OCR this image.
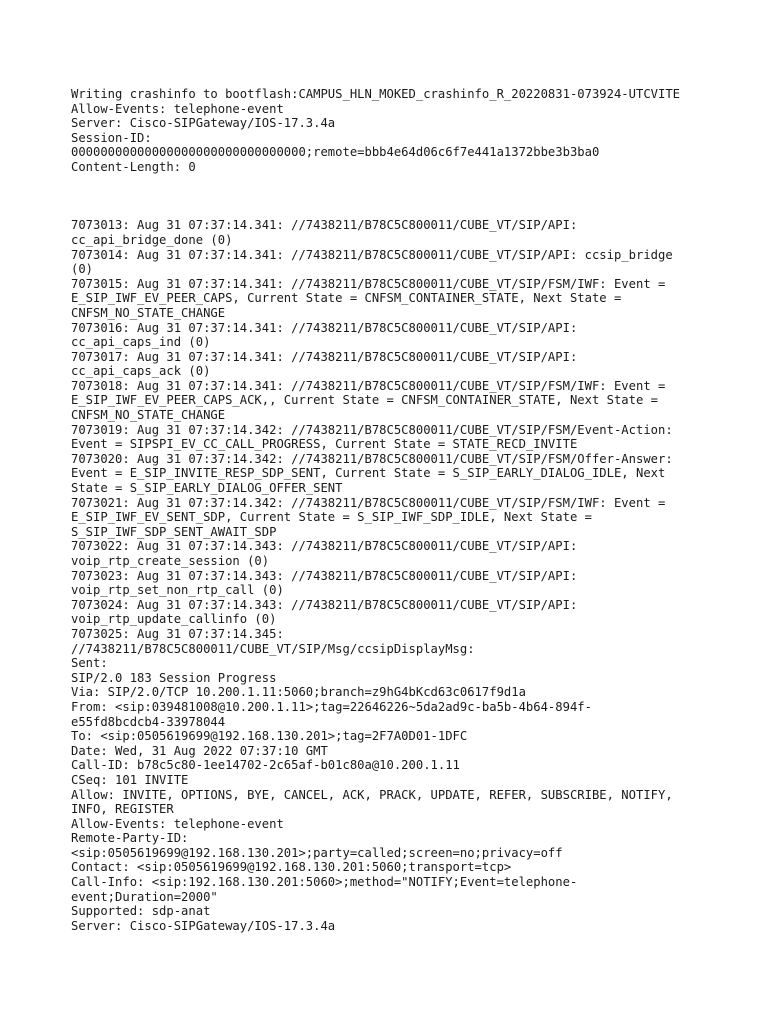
Writing crashinfo to bootflash:CAMPUS_HLN_MOKED_crashinfo_R_20220831-073924-UTCVITE
Allow-Events: telephone-event
Server: Cisco-SIPGateway/IOS-17.3.4a
Session-ID:
00000000000000000000000000000000;remote=bbb4e64d06c6f7e441a1372bbe3b3ba0
Content-Length: 0
7073013: Aug 31 07:37:14.341: //7438211/B78C5C800011/CUBE_VT/SIP/API:
cc_api_bridge_done (0)
7073014: Aug 31 07:37:14.341: //7438211/B78C5C800011/CUBE_VT/SIP/API: ccsip_bridge
(0)
7073015: Aug 31 07:37:14.341: //7438211/B78C5C800011/CUBE_VT/SIP/FSM/IWF: Event =
E_SIP_IWF_EV_PEER_CAPS, Current State = CNFSM_CONTAINER_STATE, Next State =
CNFSM_NO_STATE_CHANGE
7073016: Aug 31 07:37:14.341: //7438211/B78C5C800011/CUBE_VT/SIP/API:
cc_api_caps_ind (0)
7073017: Aug 31 07:37:14.341: //7438211/B78C5C800011/CUBE_VT/SIP/API:
cc_api_caps_ack (0)
7073018: Aug 31 07:37:14.341: //7438211/B78C5C800011/CUBE_VT/SIP/FSM/IWF: Event =
E_SIP_IWF_EV_PEER_CAPS_ACK,, Current State = CNFSM_CONTAINER_STATE, Next State =
CNFSM_NO_STATE_CHANGE
7073019: Aug 31 07:37:14.342: //7438211/B78C5C800011/CUBE_VT/SIP/FSM/Event-Action:
Event = SIPSPI_EV_CC_CALL_PROGRESS, Current State = STATE_RECD_INVITE
7073020: Aug 31 07:37:14.342: //7438211/B78C5C800011/CUBE_VT/SIP/FSM/Offer-Answer:
Event = E_SIP_INVITE_RESP_SDP_SENT, Current State = S_SIP_EARLY_DIALOG_IDLE, Next
State = S_SIP_EARLY_DIALOG_OFFER_SENT
7073021: Aug 31 07:37:14.342: //7438211/B78C5C800011/CUBE_VT/SIP/FSM/IWF: Event =
E_SIP_IWF_EV_SENT_SDP, Current State = S_SIP_IWF_SDP_IDLE, Next State =
S_SIP_IWF_SDP_SENT_AWAIT_SDP
7073022: Aug 31 07:37:14.343: //7438211/B78C5C800011/CUBE_VT/SIP/API:
voip_rtp_create_session (0)
7073023: Aug 31 07:37:14.343: //7438211/B78C5C800011/CUBE_VT/SIP/API:
voip_rtp_set_non_rtp_call (0)
7073024: Aug 31 07:37:14.343: //7438211/B78C5C800011/CUBE_VT/SIP/API:
voip_rtp_update_callinfo (0)
7073025: Aug 31 07:37:14.345:
//7438211/B78C5C800011/CUBE_VT/SIP/Msg/ccsipDisplayMsg:
Sent:
SIP/2.0 183 Session Progress
Via: SIP/2.0/TCP 10.200.1.11:5060;branch=z9hG4bKcd63c0617f9d1a
From: <sip:039481008@10.200.1.11>;tag=22646226~5da2ad9c-ba5b-4b64-894f-
e55fd8bcdcb4-33978044
To: <sip:0505619699@192.168.130.201>;tag=2F7A0D01-1DFC
Date: Wed, 31 Aug 2022 07:37:10 GMT
Call-ID: b78c5c80-1ee14702-2c65af-b01c80a@10.200.1.11
CSeq: 101 INVITE
Allow: INVITE, OPTIONS, BYE, CANCEL, ACK, PRACK, UPDATE, REFER, SUBSCRIBE, NOTIFY,
INFO, REGISTER
Allow-Events: telephone-event
Remote-Party-ID:
<sip:0505619699@192.168.130.201>;party=called;screen=no;privacy=off
Contact: <sip:0505619699@192.168.130.201:5060;transport=tcp>
Call-Info: <sip:192.168.130.201:5060>;method="NOTIFY;Event=telephone-
event;Duration=2000"
Supported: sdp-anat
Server: Cisco-SIPGateway/IOS-17.3.4a
